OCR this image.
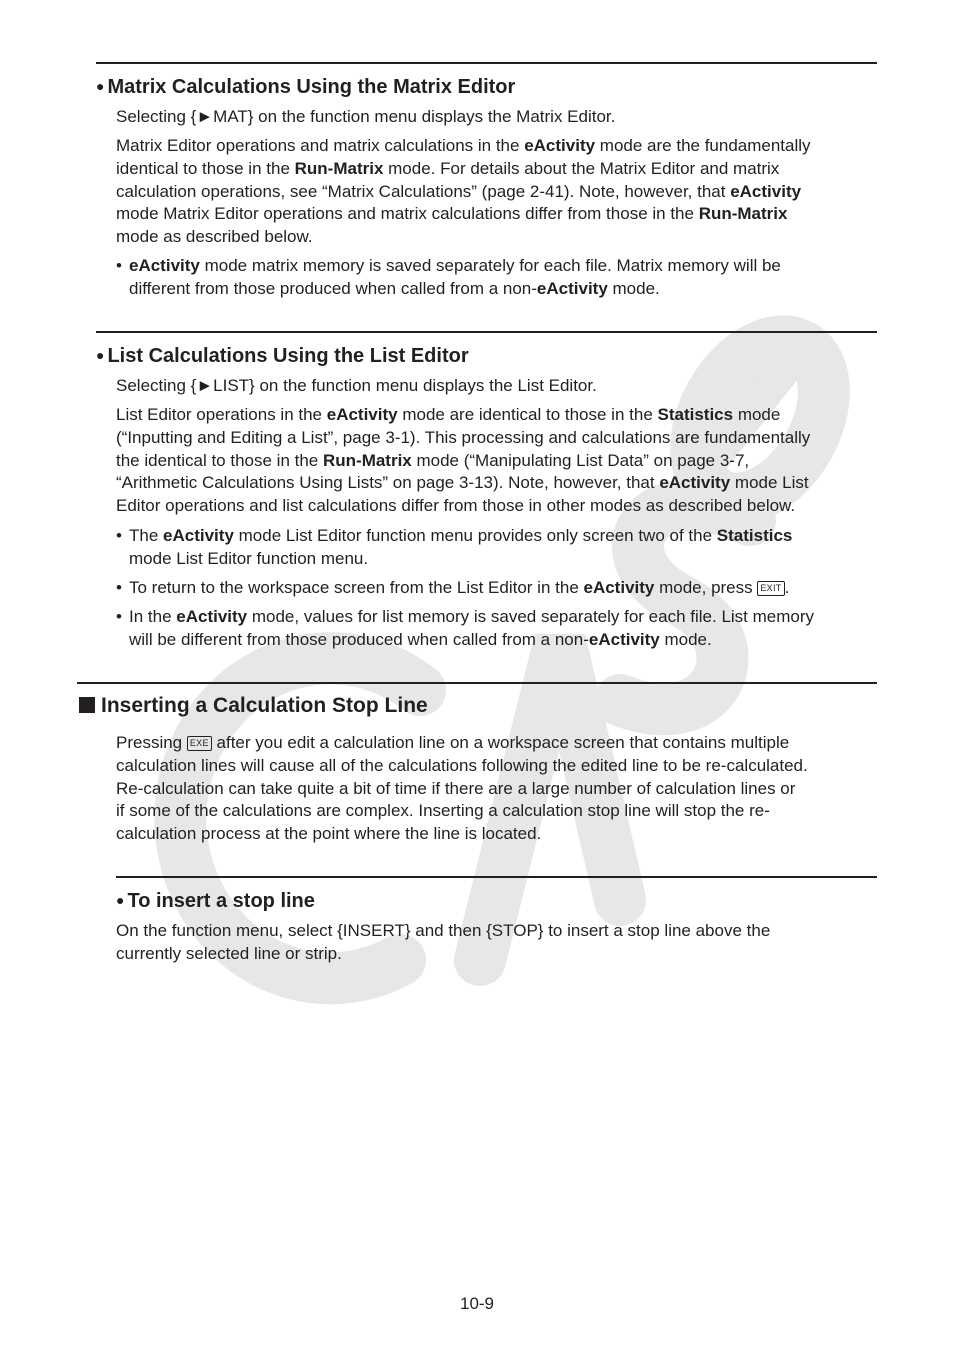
● Matrix Calculations Using the Matrix Editor
Selecting {►MAT} on the function menu displays the Matrix Editor.
Matrix Editor operations and matrix calculations in the eActivity mode are the fundamentally
identical to those in the Run-Matrix mode. For details about the Matrix Editor and matrix
calculation operations, see “Matrix Calculations” (page 2-41). Note, however, that eActivity
mode Matrix Editor operations and matrix calculations differ from those in the Run-Matrix
mode as described below.
• eActivity mode matrix memory is saved separately for each file. Matrix memory will be
different from those produced when called from a non-eActivity mode.
● List Calculations Using the List Editor
Selecting {►LIST} on the function menu displays the List Editor.
List Editor operations in the eActivity mode are identical to those in the Statistics mode
(“Inputting and Editing a List”, page 3-1). This processing and calculations are fundamentally
the identical to those in the Run-Matrix mode (“Manipulating List Data” on page 3-7,
“Arithmetic Calculations Using Lists” on page 3-13). Note, however, that eActivity mode List
Editor operations and list calculations differ from those in other modes as described below.
• The eActivity mode List Editor function menu provides only screen two of the Statistics
mode List Editor function menu.
• To return to the workspace screen from the List Editor in the eActivity mode, press EXIT .
• In the eActivity mode, values for list memory is saved separately for each file. List memory
will be different from those produced when called from a non-eActivity mode.
Inserting a Calculation Stop Line
Pressing EXE after you edit a calculation line on a workspace screen that contains multiple
calculation lines will cause all of the calculations following the edited line to be re-calculated.
Re-calculation can take quite a bit of time if there are a large number of calculation lines or
if some of the calculations are complex. Inserting a calculation stop line will stop the re-
calculation process at the point where the line is located.
● To insert a stop line
On the function menu, select {INSERT} and then {STOP} to insert a stop line above the
currently selected line or strip.
10-9
